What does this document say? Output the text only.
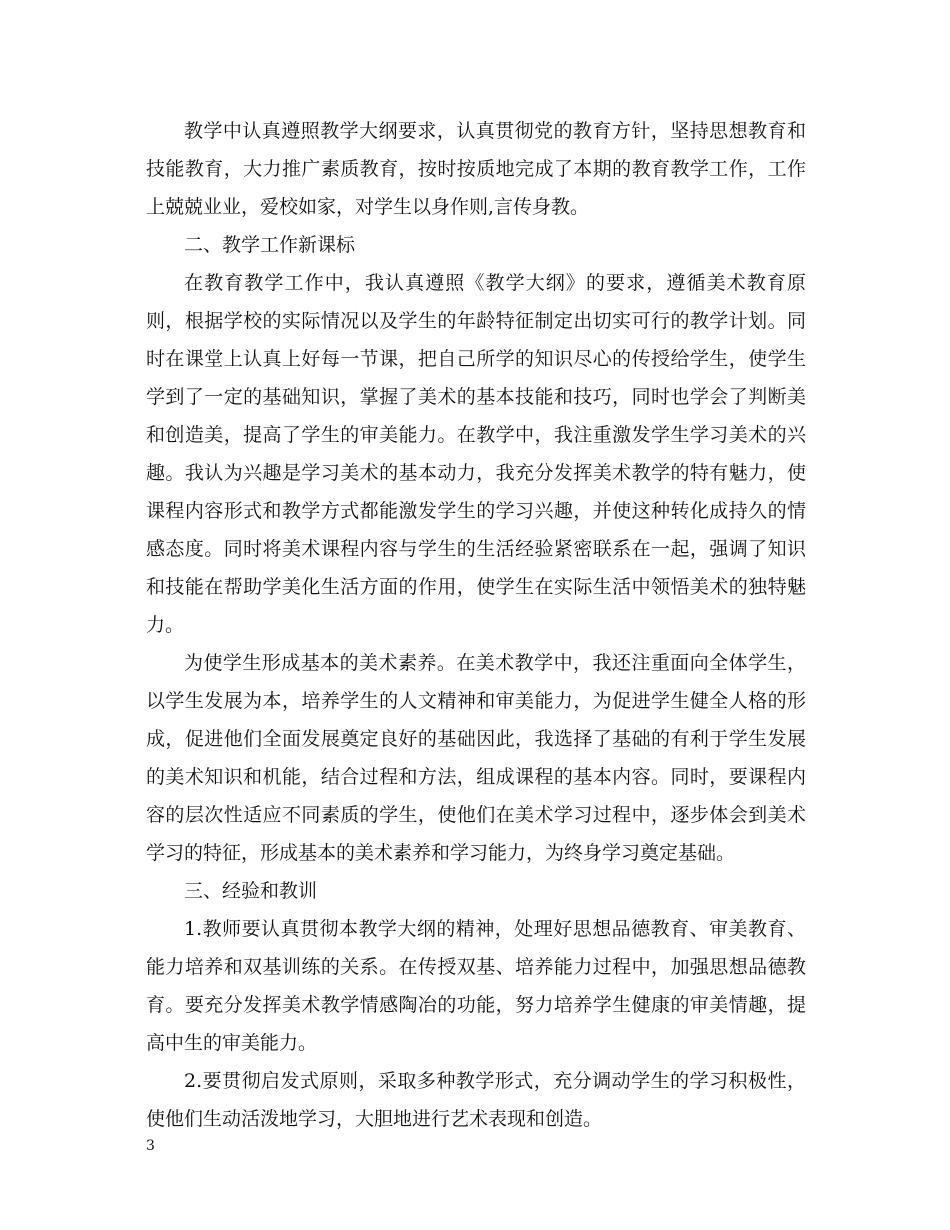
教学中认真遵照教学大纲要求，认真贯彻党的教育方针，坚持思想教育和技能教育，大力推广素质教育，按时按质地完成了本期的教育教学工作，工作上兢兢业业，爱校如家，对学生以身作则,言传身教。

二、教学工作新课标

在教育教学工作中，我认真遵照《教学大纲》的要求，遵循美术教育原则，根据学校的实际情况以及学生的年龄特征制定出切实可行的教学计划。同时在课堂上认真上好每一节课，把自己所学的知识尽心的传授给学生，使学生学到了一定的基础知识，掌握了美术的基本技能和技巧，同时也学会了判断美和创造美，提高了学生的审美能力。在教学中，我注重激发学生学习美术的兴趣。我认为兴趣是学习美术的基本动力，我充分发挥美术教学的特有魅力，使课程内容形式和教学方式都能激发学生的学习兴趣，并使这种转化成持久的情感态度。同时将美术课程内容与学生的生活经验紧密联系在一起，强调了知识和技能在帮助学美化生活方面的作用，使学生在实际生活中领悟美术的独特魅力。

为使学生形成基本的美术素养。在美术教学中，我还注重面向全体学生，以学生发展为本，培养学生的人文精神和审美能力，为促进学生健全人格的形成，促进他们全面发展奠定良好的基础因此，我选择了基础的有利于学生发展的美术知识和机能，结合过程和方法，组成课程的基本内容。同时，要课程内容的层次性适应不同素质的学生，使他们在美术学习过程中，逐步体会到美术学习的特征，形成基本的美术素养和学习能力，为终身学习奠定基础。

三、经验和教训

1.教师要认真贯彻本教学大纲的精神，处理好思想品德教育、审美教育、能力培养和双基训练的关系。在传授双基、培养能力过程中，加强思想品德教育。要充分发挥美术教学情感陶冶的功能，努力培养学生健康的审美情趣，提高中生的审美能力。

2.要贯彻启发式原则，采取多种教学形式，充分调动学生的学习积极性，使他们生动活泼地学习，大胆地进行艺术表现和创造。

3
